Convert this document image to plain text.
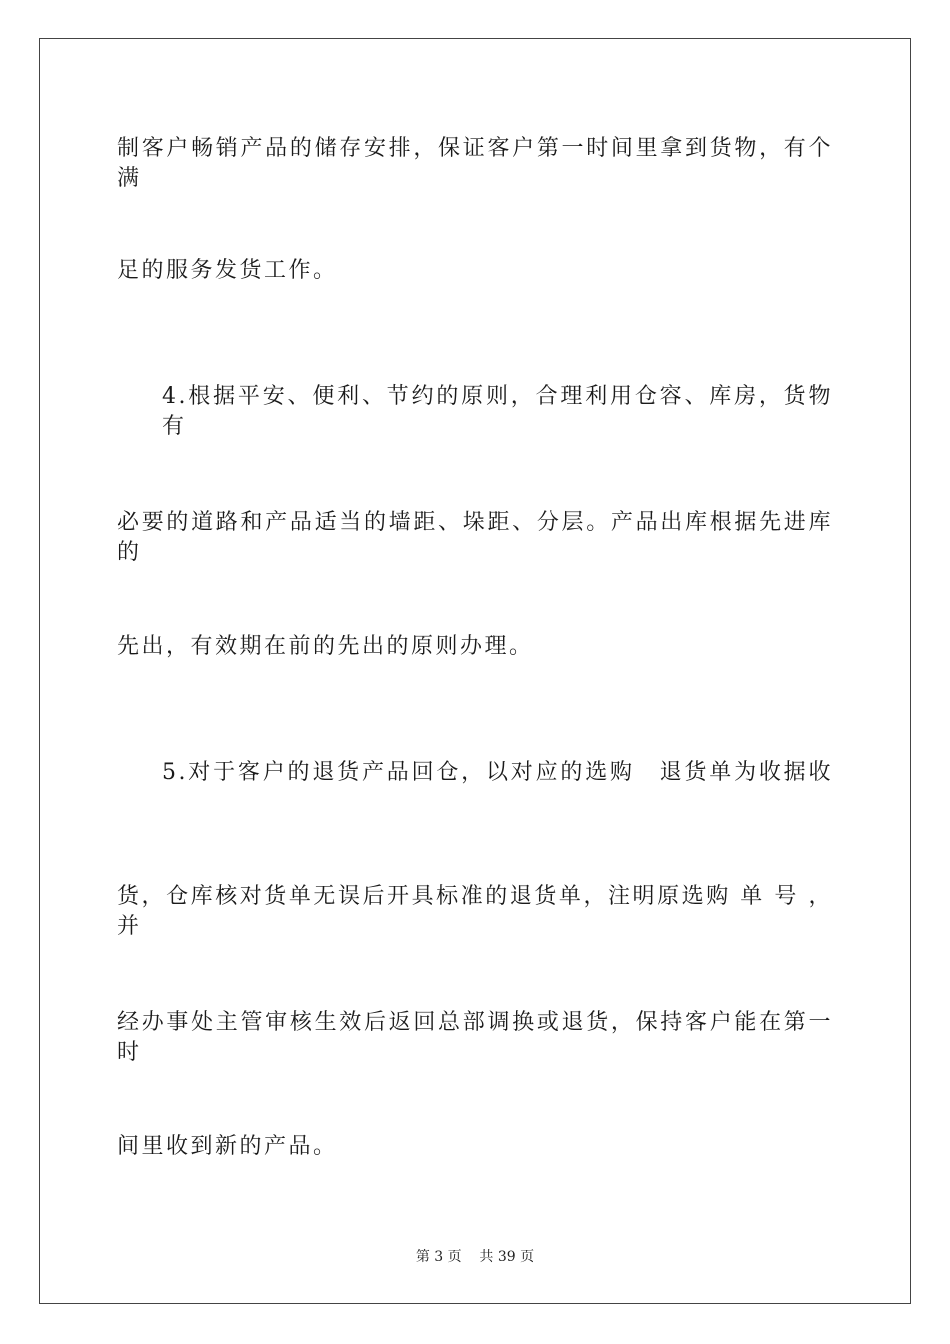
制客户畅销产品的储存安排，保证客户第一时间里拿到货物，有个满
足的服务发货工作。
4.根据平安、便利、节约的原则，合理利用仓容、库房，货物有
必要的道路和产品适当的墙距、垛距、分层。产品出库根据先进库的
先出，有效期在前的先出的原则办理。
5.对于客户的退货产品回仓，以对应的选购　退货单为收据收
货，仓库核对货单无误后开具标准的退货单，注明原选购 单 号 ， 并
经办事处主管审核生效后返回总部调换或退货，保持客户能在第一时
间里收到新的产品。
第 3 页    共 39 页
